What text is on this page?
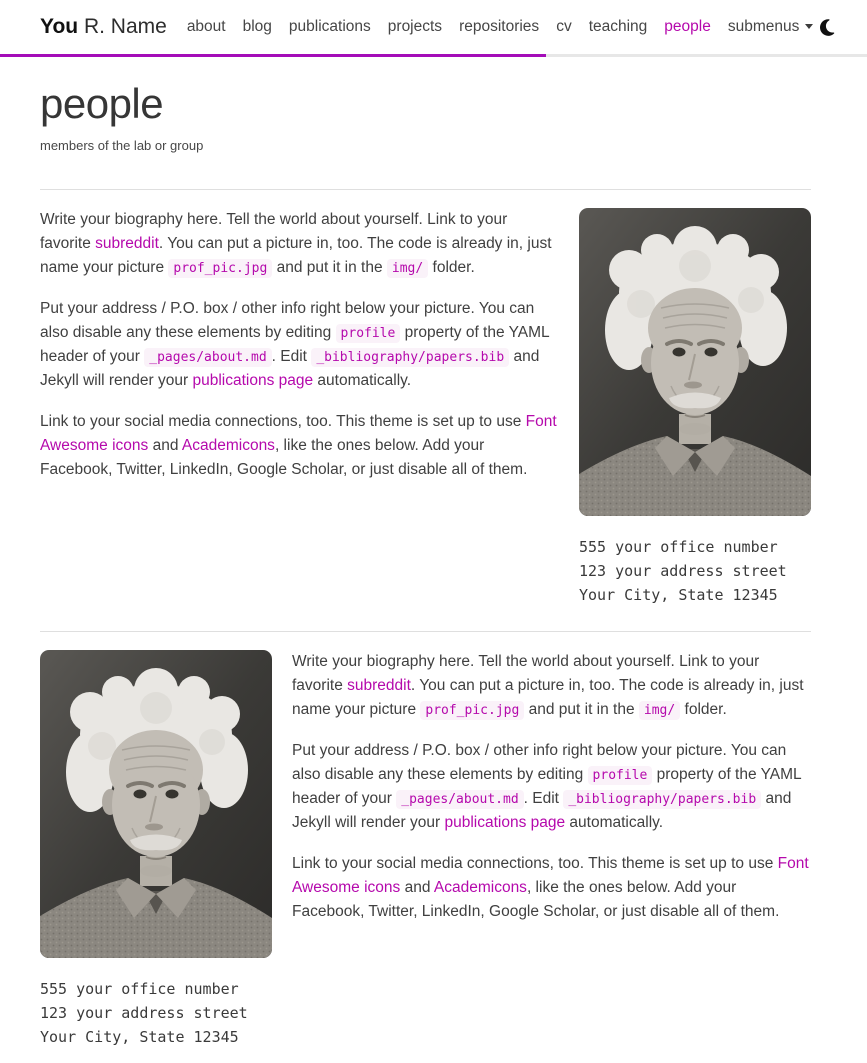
You R. Name about blog publications projects repositories cv teaching people submenus
people

members of the lab or group

Write your biography here. Tell the world about yourself. Link to your favorite subreddit. You can put a picture in, too. The code is already in, just name your picture prof_pic.jpg and put it in the img/ folder.

Put your address / P.O. box / other info right below your picture. You can also disable any these elements by editing profile property of the YAML header of your _pages/about.md . Edit _bibliography/papers.bib and Jekyll will render your publications page automatically.

Link to your social media connections, too. This theme is set up to use Font Awesome icons and Academicons, like the ones below. Add your Facebook, Twitter, LinkedIn, Google Scholar, or just disable all of them.

555 your office number
123 your address street
Your City, State 12345
555 your office number
123 your address street
Your City, State 12345

Write your biography here. Tell the world about yourself. Link to your favorite subreddit. You can put a picture in, too. The code is already in, just name your picture prof_pic.jpg and put it in the img/ folder.

Put your address / P.O. box / other info right below your picture. You can also disable any these elements by editing profile property of the YAML header of your _pages/about.md . Edit _bibliography/papers.bib and Jekyll will render your publications page automatically.

Link to your social media connections, too. This theme is set up to use Font Awesome icons and Academicons, like the ones below. Add your Facebook, Twitter, LinkedIn, Google Scholar, or just disable all of them.
